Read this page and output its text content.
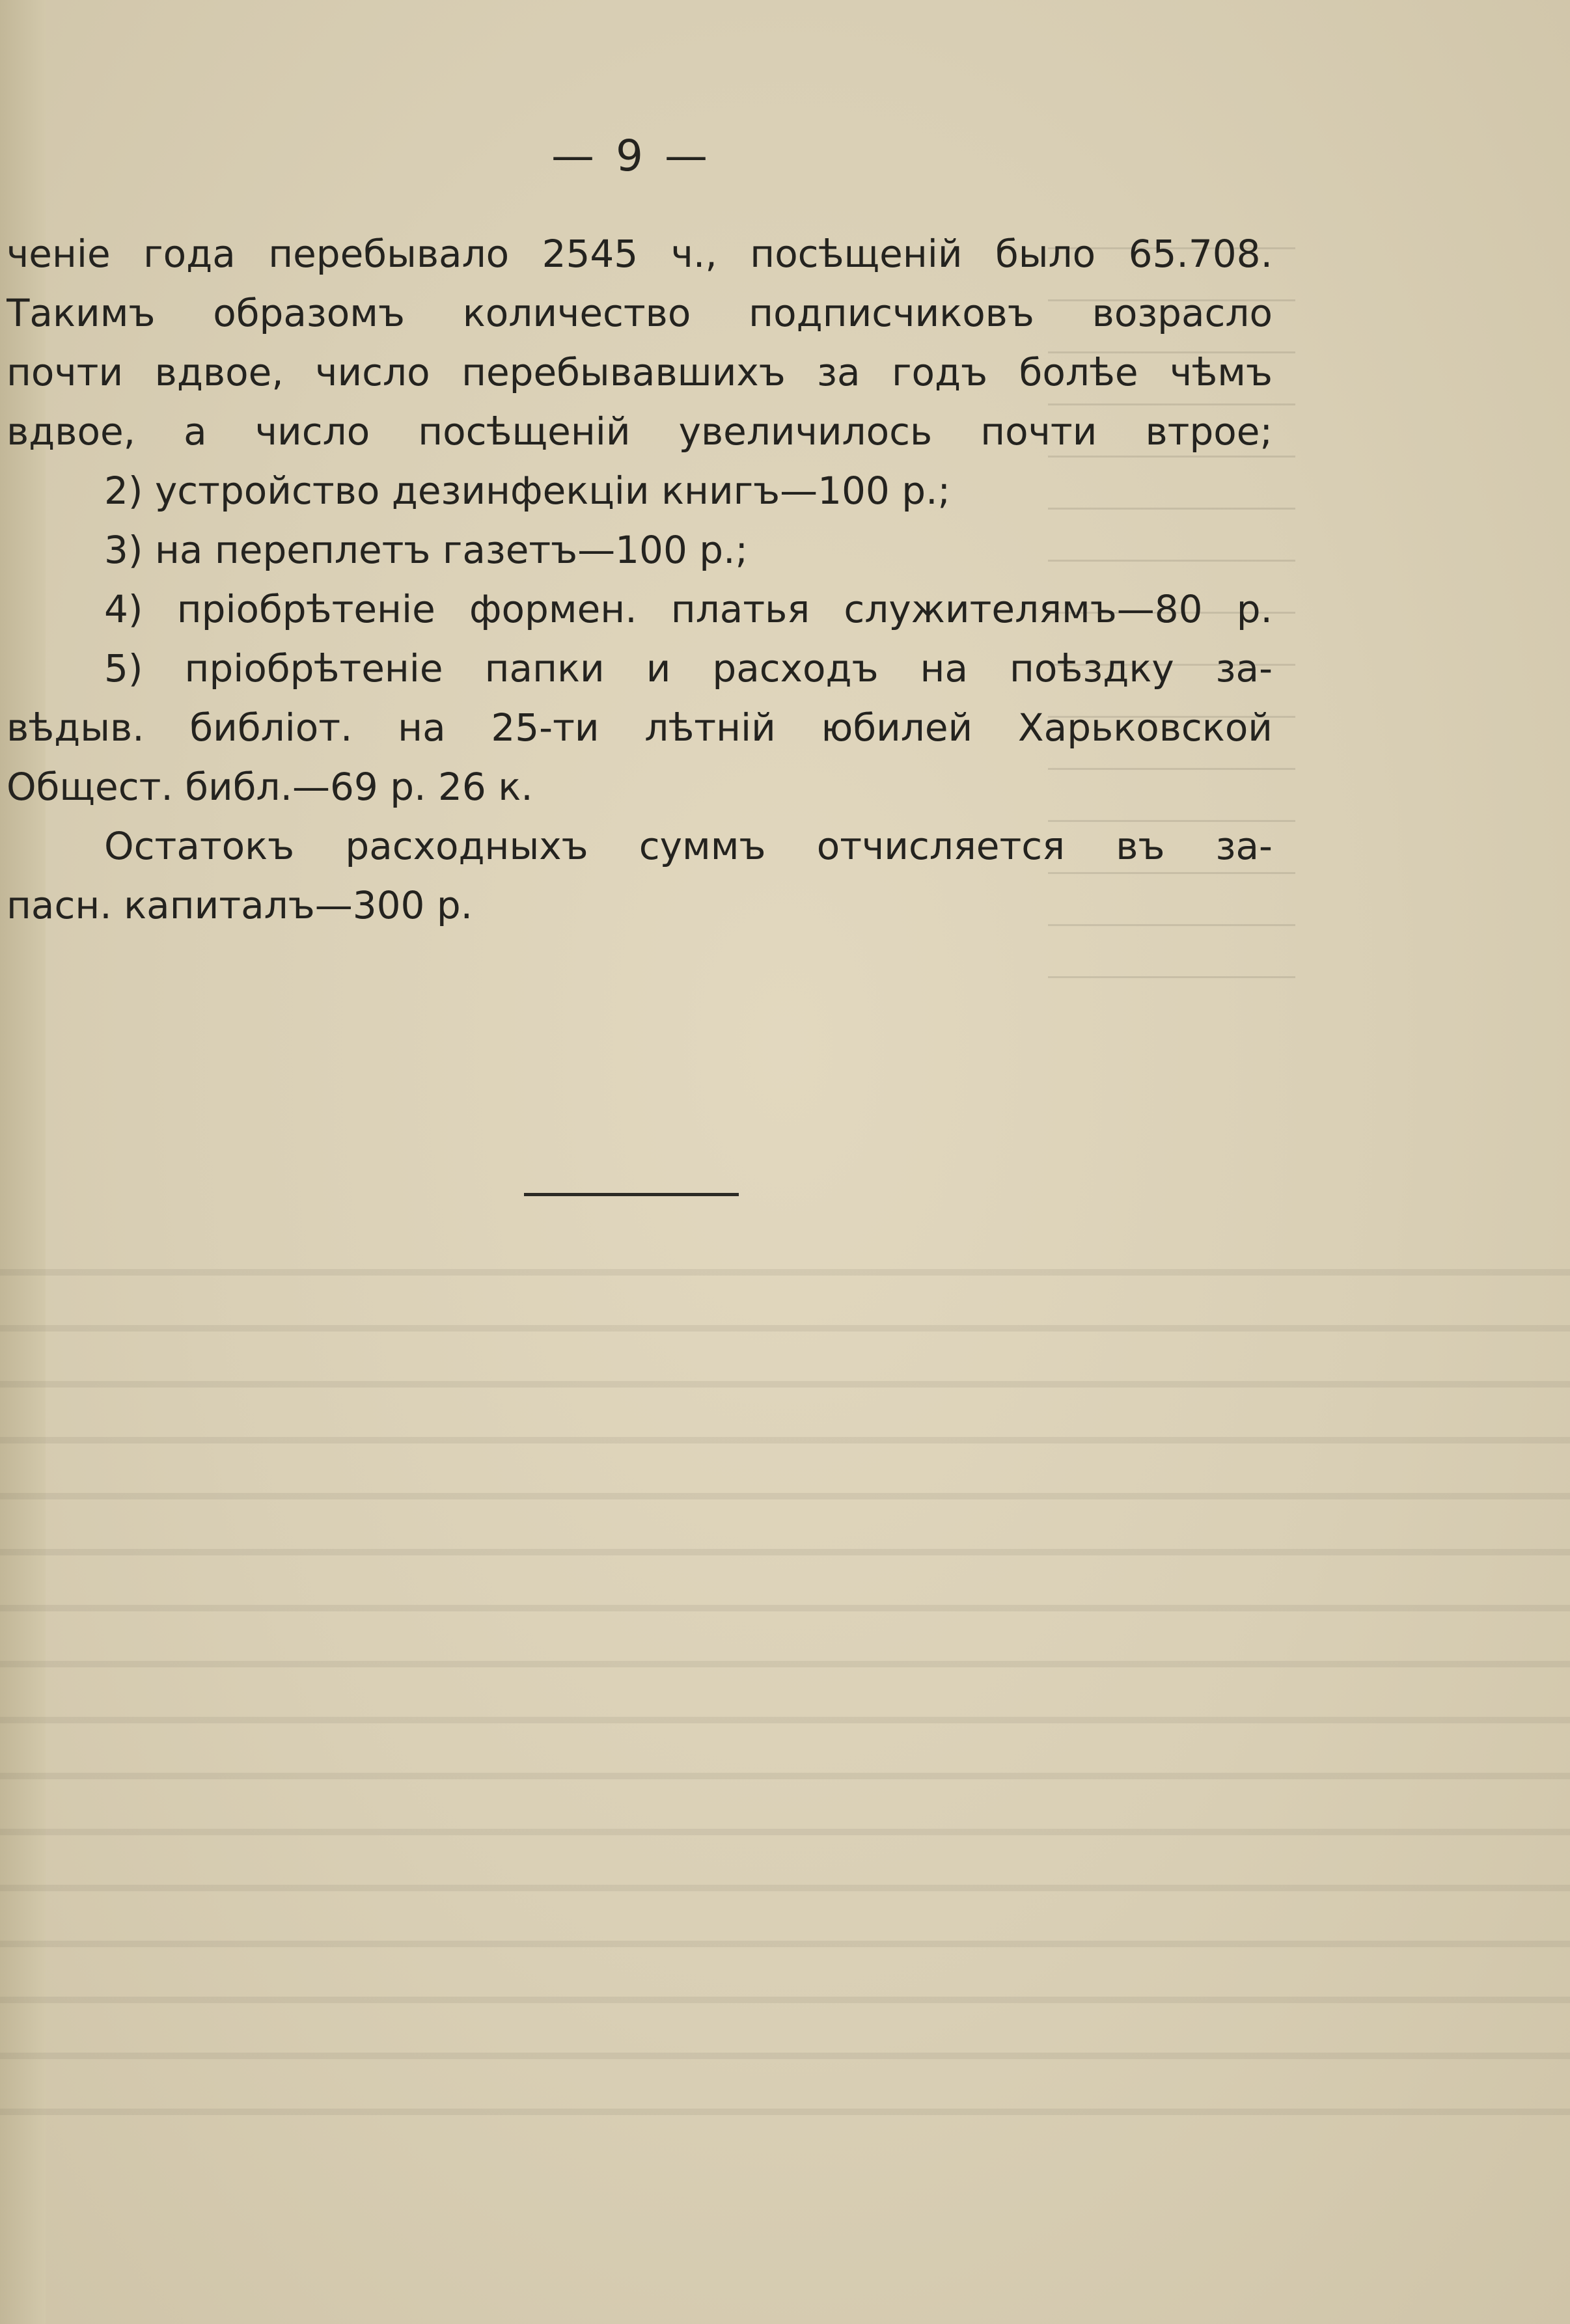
— 9 —
ченіе года перебывало 2545 ч., посѣщеній было 65.708.
Такимъ образомъ количество подписчиковъ возрасло
почти вдвое, число перебывавшихъ за годъ болѣе чѣмъ
вдвое, а число посѣщеній увеличилось почти втрое;
2) устройство дезинфекціи книгъ—100 р.;
3) на переплетъ газетъ—100 р.;
4) пріобрѣтеніе формен. платья служителямъ—80 р.
5) пріобрѣтеніе папки и расходъ на поѣздку за-
вѣдыв. библіот. на 25-ти лѣтній юбилей Харьковской
Общест. библ.—69 р. 26 к.
Остатокъ расходныхъ суммъ отчисляется въ за-
пасн. капиталъ—300 р.
